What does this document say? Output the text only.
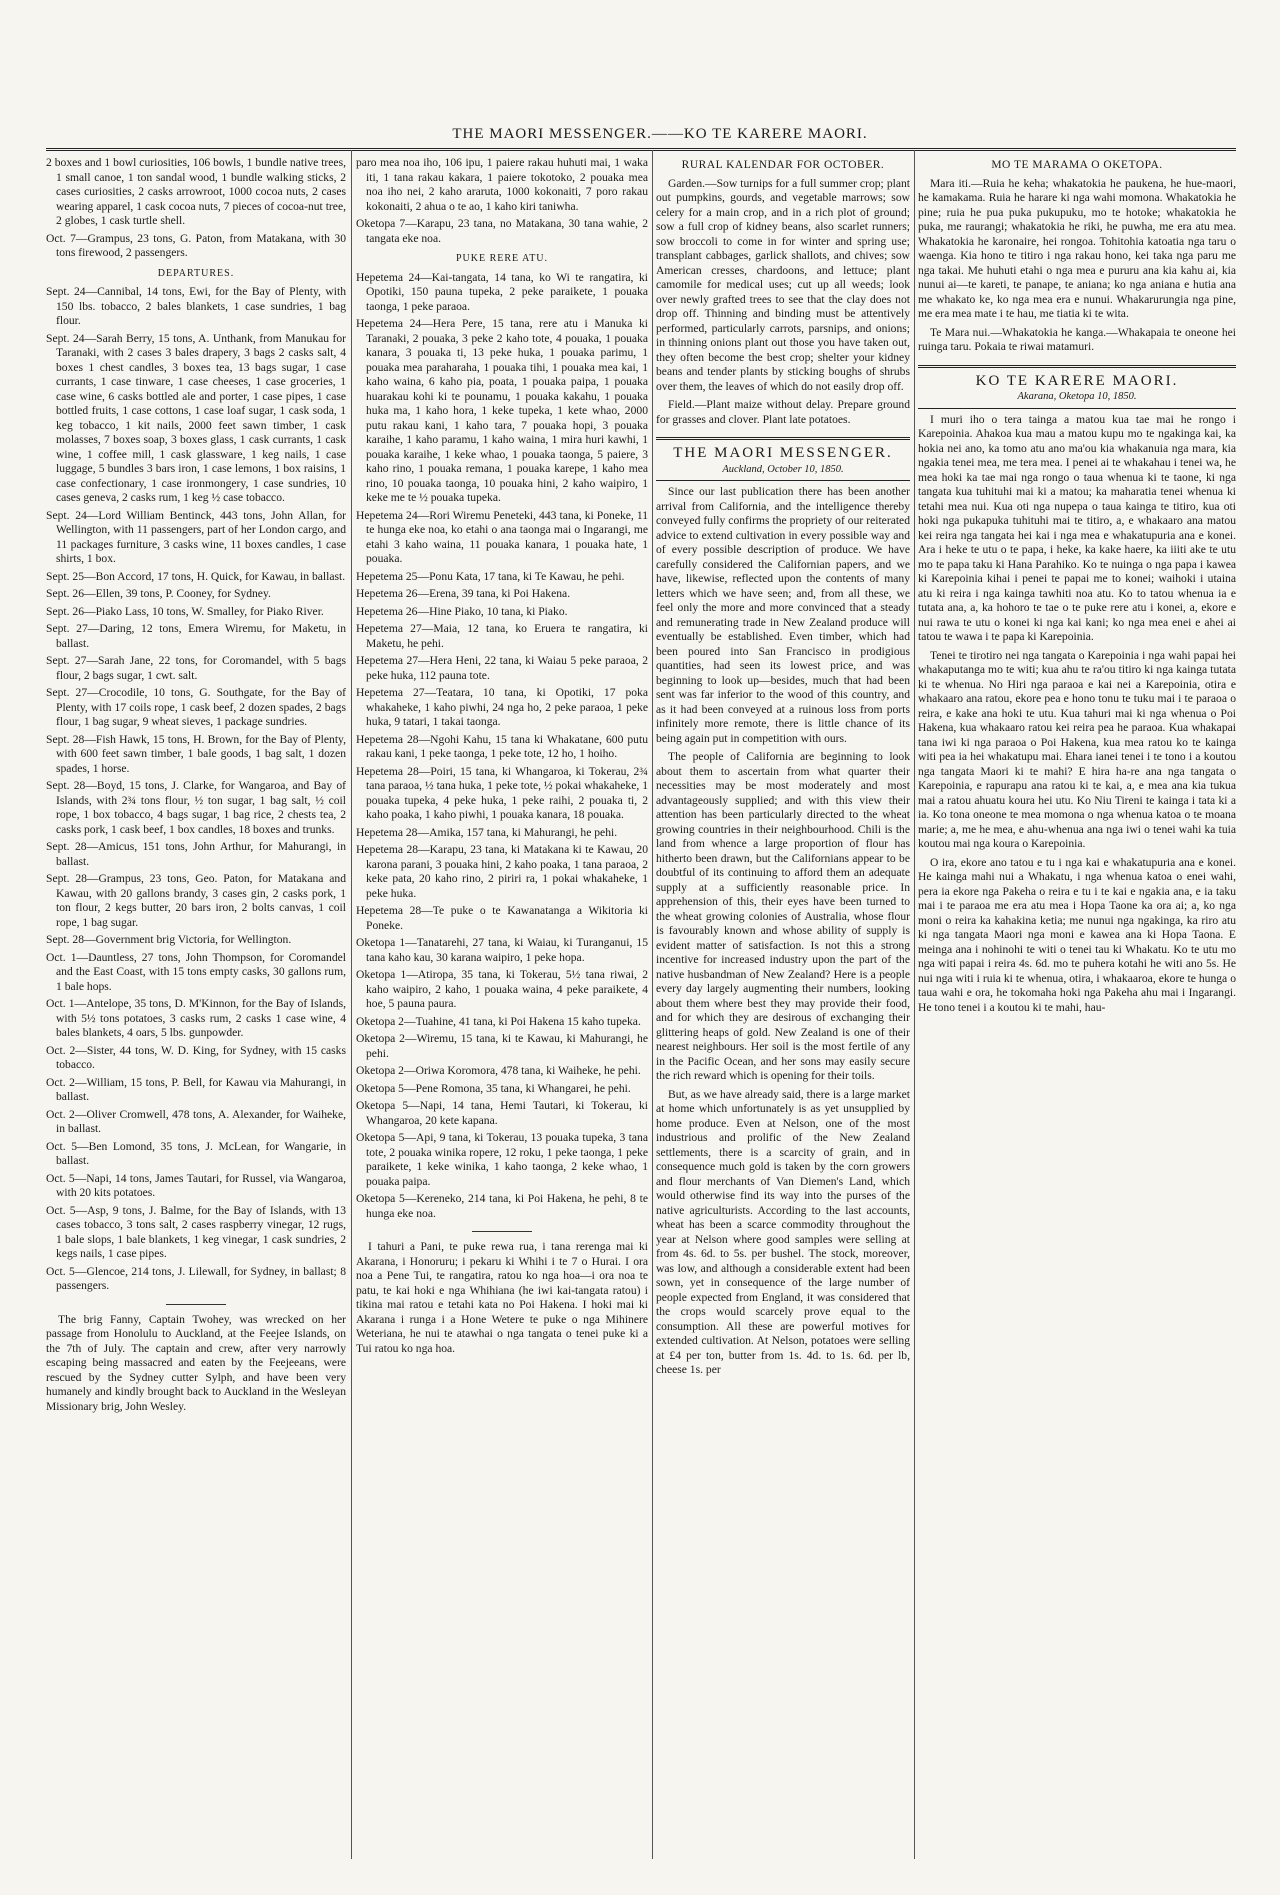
THE MAORI MESSENGER.——KO TE KARERE MAORI.

2 boxes and 1 bowl curiosities, 106 bowls, 1 bundle native trees, 1 small canoe, 1 ton sandal wood, 1 bundle walking sticks, 2 cases curiosities, 2 casks arrowroot, 1000 cocoa nuts, 2 cases wearing apparel, 1 cask cocoa nuts, 7 pieces of cocoa-nut tree, 2 globes, 1 cask turtle shell.

Oct. 7—Grampus, 23 tons, G. Paton, from Matakana, with 30 tons firewood, 2 passengers.

DEPARTURES.

Sept. 24—Cannibal, 14 tons, Ewi, for the Bay of Plenty, with 150 lbs. tobacco, 2 bales blankets, 1 case sundries, 1 bag flour.

Sept. 24—Sarah Berry, 15 tons, A. Unthank, from Manukau for Taranaki, with 2 cases 3 bales drapery, 3 bags 2 casks salt, 4 boxes 1 chest candles, 3 boxes tea, 13 bags sugar, 1 case currants, 1 case tinware, 1 case cheeses, 1 case groceries, 1 case wine, 6 casks bottled ale and porter, 1 case pipes, 1 case bottled fruits, 1 case cottons, 1 case loaf sugar, 1 cask soda, 1 keg tobacco, 1 kit nails, 2000 feet sawn timber, 1 cask molasses, 7 boxes soap, 3 boxes glass, 1 cask currants, 1 cask wine, 1 coffee mill, 1 cask glassware, 1 keg nails, 1 case luggage, 5 bundles 3 bars iron, 1 case lemons, 1 box raisins, 1 case confectionary, 1 case ironmongery, 1 case sundries, 10 cases geneva, 2 casks rum, 1 keg ½ case tobacco.

Sept. 24—Lord William Bentinck, 443 tons, John Allan, for Wellington, with 11 passengers, part of her London cargo, and 11 packages furniture, 3 casks wine, 11 boxes candles, 1 case shirts, 1 box.

Sept. 25—Bon Accord, 17 tons, H. Quick, for Kawau, in ballast.

Sept. 26—Ellen, 39 tons, P. Cooney, for Sydney.

Sept. 26—Piako Lass, 10 tons, W. Smalley, for Piako River.

Sept. 27—Daring, 12 tons, Emera Wiremu, for Maketu, in ballast.

Sept. 27—Sarah Jane, 22 tons, for Coromandel, with 5 bags flour, 2 bags sugar, 1 cwt. salt.

Sept. 27—Crocodile, 10 tons, G. Southgate, for the Bay of Plenty, with 17 coils rope, 1 cask beef, 2 dozen spades, 2 bags flour, 1 bag sugar, 9 wheat sieves, 1 package sundries.

Sept. 28—Fish Hawk, 15 tons, H. Brown, for the Bay of Plenty, with 600 feet sawn timber, 1 bale goods, 1 bag salt, 1 dozen spades, 1 horse.

Sept. 28—Boyd, 15 tons, J. Clarke, for Wangaroa, and Bay of Islands, with 2¾ tons flour, ½ ton sugar, 1 bag salt, ½ coil rope, 1 box tobacco, 4 bags sugar, 1 bag rice, 2 chests tea, 2 casks pork, 1 cask beef, 1 box candles, 18 boxes and trunks.

Sept. 28—Amicus, 151 tons, John Arthur, for Mahurangi, in ballast.

Sept. 28—Grampus, 23 tons, Geo. Paton, for Matakana and Kawau, with 20 gallons brandy, 3 cases gin, 2 casks pork, 1 ton flour, 2 kegs butter, 20 bars iron, 2 bolts canvas, 1 coil rope, 1 bag sugar.

Sept. 28—Government brig Victoria, for Wellington.

Oct. 1—Dauntless, 27 tons, John Thompson, for Coromandel and the East Coast, with 15 tons empty casks, 30 gallons rum, 1 bale hops.

Oct. 1—Antelope, 35 tons, D. M'Kinnon, for the Bay of Islands, with 5½ tons potatoes, 3 casks rum, 2 casks 1 case wine, 4 bales blankets, 4 oars, 5 lbs. gunpowder.

Oct. 2—Sister, 44 tons, W. D. King, for Sydney, with 15 casks tobacco.

Oct. 2—William, 15 tons, P. Bell, for Kawau via Mahurangi, in ballast.

Oct. 2—Oliver Cromwell, 478 tons, A. Alexander, for Waiheke, in ballast.

Oct. 5—Ben Lomond, 35 tons, J. McLean, for Wangarie, in ballast.

Oct. 5—Napi, 14 tons, James Tautari, for Russel, via Wangaroa, with 20 kits potatoes.

Oct. 5—Asp, 9 tons, J. Balme, for the Bay of Islands, with 13 cases tobacco, 3 tons salt, 2 cases raspberry vinegar, 12 rugs, 1 bale slops, 1 bale blankets, 1 keg vinegar, 1 cask sundries, 2 kegs nails, 1 case pipes.

Oct. 5—Glencoe, 214 tons, J. Lilewall, for Sydney, in ballast; 8 passengers.

The brig Fanny, Captain Twohey, was wrecked on her passage from Honolulu to Auckland, at the Feejee Islands, on the 7th of July. The captain and crew, after very narrowly escaping being massacred and eaten by the Feejeeans, were rescued by the Sydney cutter Sylph, and have been very humanely and kindly brought back to Auckland in the Wesleyan Missionary brig, John Wesley.

paro mea noa iho, 106 ipu, 1 paiere rakau huhuti mai, 1 waka iti, 1 tana rakau kakara, 1 paiere tokotoko, 2 pouaka mea noa iho nei, 2 kaho araruta, 1000 kokonaiti, 7 poro rakau kokonaiti, 2 ahua o te ao, 1 kaho kiri taniwha.

Oketopa 7—Karapu, 23 tana, no Matakana, 30 tana wahie, 2 tangata eke noa.

PUKE RERE ATU.

Hepetema 24—Kai-tangata, 14 tana, ko Wi te rangatira, ki Opotiki, 150 pauna tupeka, 2 peke paraikete, 1 pouaka taonga, 1 peke paraoa.

Hepetema 24—Hera Pere, 15 tana, rere atu i Manuka ki Taranaki, 2 pouaka, 3 peke 2 kaho tote, 4 pouaka, 1 pouaka kanara, 3 pouaka ti, 13 peke huka, 1 pouaka parimu, 1 pouaka mea paraharaha, 1 pouaka tihi, 1 pouaka mea kai, 1 kaho waina, 6 kaho pia, poata, 1 pouaka paipa, 1 pouaka huarakau kohi ki te pounamu, 1 pouaka kakahu, 1 pouaka huka ma, 1 kaho hora, 1 keke tupeka, 1 kete whao, 2000 putu rakau kani, 1 kaho tara, 7 pouaka hopi, 3 pouaka karaihe, 1 kaho paramu, 1 kaho waina, 1 mira huri kawhi, 1 pouaka karaihe, 1 keke whao, 1 pouaka taonga, 5 paiere, 3 kaho rino, 1 pouaka remana, 1 pouaka karepe, 1 kaho mea rino, 10 pouaka taonga, 10 pouaka hini, 2 kaho waipiro, 1 keke me te ½ pouaka tupeka.

Hepetema 24—Rori Wiremu Peneteki, 443 tana, ki Poneke, 11 te hunga eke noa, ko etahi o ana taonga mai o Ingarangi, me etahi 3 kaho waina, 11 pouaka kanara, 1 pouaka hate, 1 pouaka.

Hepetema 25—Ponu Kata, 17 tana, ki Te Kawau, he pehi.

Hepetema 26—Erena, 39 tana, ki Poi Hakena.

Hepetema 26—Hine Piako, 10 tana, ki Piako.

Hepetema 27—Maia, 12 tana, ko Eruera te rangatira, ki Maketu, he pehi.

Hepetema 27—Hera Heni, 22 tana, ki Waiau 5 peke paraoa, 2 peke huka, 112 pauna tote.

Hepetema 27—Teatara, 10 tana, ki Opotiki, 17 poka whakaheke, 1 kaho piwhi, 24 nga ho, 2 peke paraoa, 1 peke huka, 9 tatari, 1 takai taonga.

Hepetema 28—Ngohi Kahu, 15 tana ki Whakatane, 600 putu rakau kani, 1 peke taonga, 1 peke tote, 12 ho, 1 hoiho.

Hepetema 28—Poiri, 15 tana, ki Whangaroa, ki Tokerau, 2¾ tana paraoa, ½ tana huka, 1 peke tote, ½ pokai whakaheke, 1 pouaka tupeka, 4 peke huka, 1 peke raihi, 2 pouaka ti, 2 kaho poaka, 1 kaho piwhi, 1 pouaka kanara, 18 pouaka.

Hepetema 28—Amika, 157 tana, ki Mahurangi, he pehi.

Hepetema 28—Karapu, 23 tana, ki Matakana ki te Kawau, 20 karona parani, 3 pouaka hini, 2 kaho poaka, 1 tana paraoa, 2 keke pata, 20 kaho rino, 2 piriri ra, 1 pokai whakaheke, 1 peke huka.

Hepetema 28—Te puke o te Kawanatanga a Wikitoria ki Poneke.

Oketopa 1—Tanatarehi, 27 tana, ki Waiau, ki Turanganui, 15 tana kaho kau, 30 karana waipiro, 1 peke hopa.

Oketopa 1—Atiropa, 35 tana, ki Tokerau, 5½ tana riwai, 2 kaho waipiro, 2 kaho, 1 pouaka waina, 4 peke paraikete, 4 hoe, 5 pauna paura.

Oketopa 2—Tuahine, 41 tana, ki Poi Hakena 15 kaho tupeka.

Oketopa 2—Wiremu, 15 tana, ki te Kawau, ki Mahurangi, he pehi.

Oketopa 2—Oriwa Koromora, 478 tana, ki Waiheke, he pehi.

Oketopa 5—Pene Romona, 35 tana, ki Whangarei, he pehi.

Oketopa 5—Napi, 14 tana, Hemi Tautari, ki Tokerau, ki Whangaroa, 20 kete kapana.

Oketopa 5—Api, 9 tana, ki Tokerau, 13 pouaka tupeka, 3 tana tote, 2 pouaka winika ropere, 12 roku, 1 peke taonga, 1 peke paraikete, 1 keke winika, 1 kaho taonga, 2 keke whao, 1 pouaka paipa.

Oketopa 5—Kereneko, 214 tana, ki Poi Hakena, he pehi, 8 te hunga eke noa.

I tahuri a Pani, te puke rewa rua, i tana rerenga mai ki Akarana, i Honoruru; i pekaru ki Whihi i te 7 o Hurai. I ora noa a Pene Tui, te rangatira, ratou ko nga hoa—i ora noa te patu, te kai hoki e nga Whihiana (he iwi kai-tangata ratou) i tikina mai ratou e tetahi kata no Poi Hakena. I hoki mai ki Akarana i runga i a Hone Wetere te puke o nga Mihinere Weteriana, he nui te atawhai o nga tangata o tenei puke ki a Tui ratou ko nga hoa.

RURAL KALENDAR FOR OCTOBER.

Garden.—Sow turnips for a full summer crop; plant out pumpkins, gourds, and vegetable marrows; sow celery for a main crop, and in a rich plot of ground; sow a full crop of kidney beans, also scarlet runners; sow broccoli to come in for winter and spring use; transplant cabbages, garlick shallots, and chives; sow American cresses, chardoons, and lettuce; plant camomile for medical uses; cut up all weeds; look over newly grafted trees to see that the clay does not drop off. Thinning and binding must be attentively performed, particularly carrots, parsnips, and onions; in thinning onions plant out those you have taken out, they often become the best crop; shelter your kidney beans and tender plants by sticking boughs of shrubs over them, the leaves of which do not easily drop off.

Field.—Plant maize without delay. Prepare ground for grasses and clover. Plant late potatoes.

THE MAORI MESSENGER.
Auckland, October 10, 1850.

Since our last publication there has been another arrival from California, and the intelligence thereby conveyed fully confirms the propriety of our reiterated advice to extend cultivation in every possible way and of every possible description of produce. We have carefully considered the Californian papers, and we have, likewise, reflected upon the contents of many letters which we have seen; and, from all these, we feel only the more and more convinced that a steady and remunerating trade in New Zealand produce will eventually be established. Even timber, which had been poured into San Francisco in prodigious quantities, had seen its lowest price, and was beginning to look up—besides, much that had been sent was far inferior to the wood of this country, and as it had been conveyed at a ruinous loss from ports infinitely more remote, there is little chance of its being again put in competition with ours.

The people of California are beginning to look about them to ascertain from what quarter their necessities may be most moderately and most advantageously supplied; and with this view their attention has been particularly directed to the wheat growing countries in their neighbourhood. Chili is the land from whence a large proportion of flour has hitherto been drawn, but the Californians appear to be doubtful of its continuing to afford them an adequate supply at a sufficiently reasonable price. In apprehension of this, their eyes have been turned to the wheat growing colonies of Australia, whose flour is favourably known and whose ability of supply is evident matter of satisfaction. Is not this a strong incentive for increased industry upon the part of the native husbandman of New Zealand? Here is a people every day largely augmenting their numbers, looking about them where best they may provide their food, and for which they are desirous of exchanging their glittering heaps of gold. New Zealand is one of their nearest neighbours. Her soil is the most fertile of any in the Pacific Ocean, and her sons may easily secure the rich reward which is opening for their toils.

But, as we have already said, there is a large market at home which unfortunately is as yet unsupplied by home produce. Even at Nelson, one of the most industrious and prolific of the New Zealand settlements, there is a scarcity of grain, and in consequence much gold is taken by the corn growers and flour merchants of Van Diemen's Land, which would otherwise find its way into the purses of the native agriculturists. According to the last accounts, wheat has been a scarce commodity throughout the year at Nelson where good samples were selling at from 4s. 6d. to 5s. per bushel. The stock, moreover, was low, and although a considerable extent had been sown, yet in consequence of the large number of people expected from England, it was considered that the crops would scarcely prove equal to the consumption. All these are powerful motives for extended cultivation. At Nelson, potatoes were selling at £4 per ton, butter from 1s. 4d. to 1s. 6d. per lb, cheese 1s. per

MO TE MARAMA O OKETOPA.

Mara iti.—Ruia he keha; whakatokia he paukena, he hue-maori, he kamakama. Ruia he harare ki nga wahi momona. Whakatokia he pine; ruia he pua puka pukupuku, mo te hotoke; whakatokia he puka, me raurangi; whakatokia he riki, he puwha, me era atu mea. Whakatokia he karonaire, hei rongoa. Tohitohia katoatia nga taru o waenga. Kia hono te titiro i nga rakau hono, kei taka nga paru me nga takai. Me huhuti etahi o nga mea e pururu ana kia kahu ai, kia nunui ai—te kareti, te panape, te aniana; ko nga aniana e hutia ana me whakato ke, ko nga mea era e nunui. Whakarurungia nga pine, me era mea mate i te hau, me tiatia ki te wita.

Te Mara nui.—Whakatokia he kanga.—Whakapaia te oneone hei ruinga taru. Pokaia te riwai matamuri.

KO TE KARERE MAORI.
Akarana, Oketopa 10, 1850.

I muri iho o tera tainga a matou kua tae mai he rongo i Karepoinia. Ahakoa kua mau a matou kupu mo te ngakinga kai, ka hokia nei ano, ka tomo atu ano ma'ou kia whakanuia nga mara, kia ngakia tenei mea, me tera mea. I penei ai te whakahau i tenei wa, he mea hoki ka tae mai nga rongo o taua whenua ki te taone, ki nga tangata kua tuhituhi mai ki a matou; ka maharatia tenei whenua ki tetahi mea nui. Kua oti nga nupepa o taua kainga te titiro, kua oti hoki nga pukapuka tuhituhi mai te titiro, a, e whakaaro ana matou kei reira nga tangata hei kai i nga mea e whakatupuria ana e konei. Ara i heke te utu o te papa, i heke, ka kake haere, ka iiiti ake te utu mo te papa taku ki Hana Parahiko. Ko te nuinga o nga papa i kawea ki Karepoinia kihai i penei te papai me to konei; waihoki i utaina atu ki reira i nga kainga tawhiti noa atu. Ko to tatou whenua ia e tutata ana, a, ka hohoro te tae o te puke rere atu i konei, a, ekore e nui rawa te utu o konei ki nga kai kani; ko nga mea enei e ahei ai tatou te wawa i te papa ki Karepoinia.

Tenei te tirotiro nei nga tangata o Karepoinia i nga wahi papai hei whakaputanga mo te witi; kua ahu te ra'ou titiro ki nga kainga tutata ki te whenua. No Hiri nga paraoa e kai nei a Karepoinia, otira e whakaaro ana ratou, ekore pea e hono tonu te tuku mai i te paraoa o reira, e kake ana hoki te utu. Kua tahuri mai ki nga whenua o Poi Hakena, kua whakaaro ratou kei reira pea he paraoa. Kua whakapai tana iwi ki nga paraoa o Poi Hakena, kua mea ratou ko te kainga witi pea ia hei whakatupu mai. Ehara ianei tenei i te tono i a koutou nga tangata Maori ki te mahi? E hira ha-re ana nga tangata o Karepoinia, e rapurapu ana ratou ki te kai, a, e mea ana kia tukua mai a ratou ahuatu koura hei utu. Ko Niu Tireni te kainga i tata ki a ia. Ko tona oneone te mea momona o nga whenua katoa o te moana marie; a, me he mea, e ahu-whenua ana nga iwi o tenei wahi ka tuia koutou mai nga koura o Karepoinia.

O ira, ekore ano tatou e tu i nga kai e whakatupuria ana e konei. He kainga mahi nui a Whakatu, i nga whenua katoa o enei wahi, pera ia ekore nga Pakeha o reira e tu i te kai e ngakia ana, e ia taku mai i te paraoa me era atu mea i Hopa Taone ka ora ai; a, ko nga moni o reira ka kahakina ketia; me nunui nga ngakinga, ka riro atu ki nga tangata Maori nga moni e kawea ana ki Hopa Taona. E meinga ana i nohinohi te witi o tenei tau ki Whakatu. Ko te utu mo nga witi papai i reira 4s. 6d. mo te puhera kotahi he witi ano 5s. He nui nga witi i ruia ki te whenua, otira, i whakaaroa, ekore te hunga o taua wahi e ora, he tokomaha hoki nga Pakeha ahu mai i Ingarangi. He tono tenei i a koutou ki te mahi, hau-
